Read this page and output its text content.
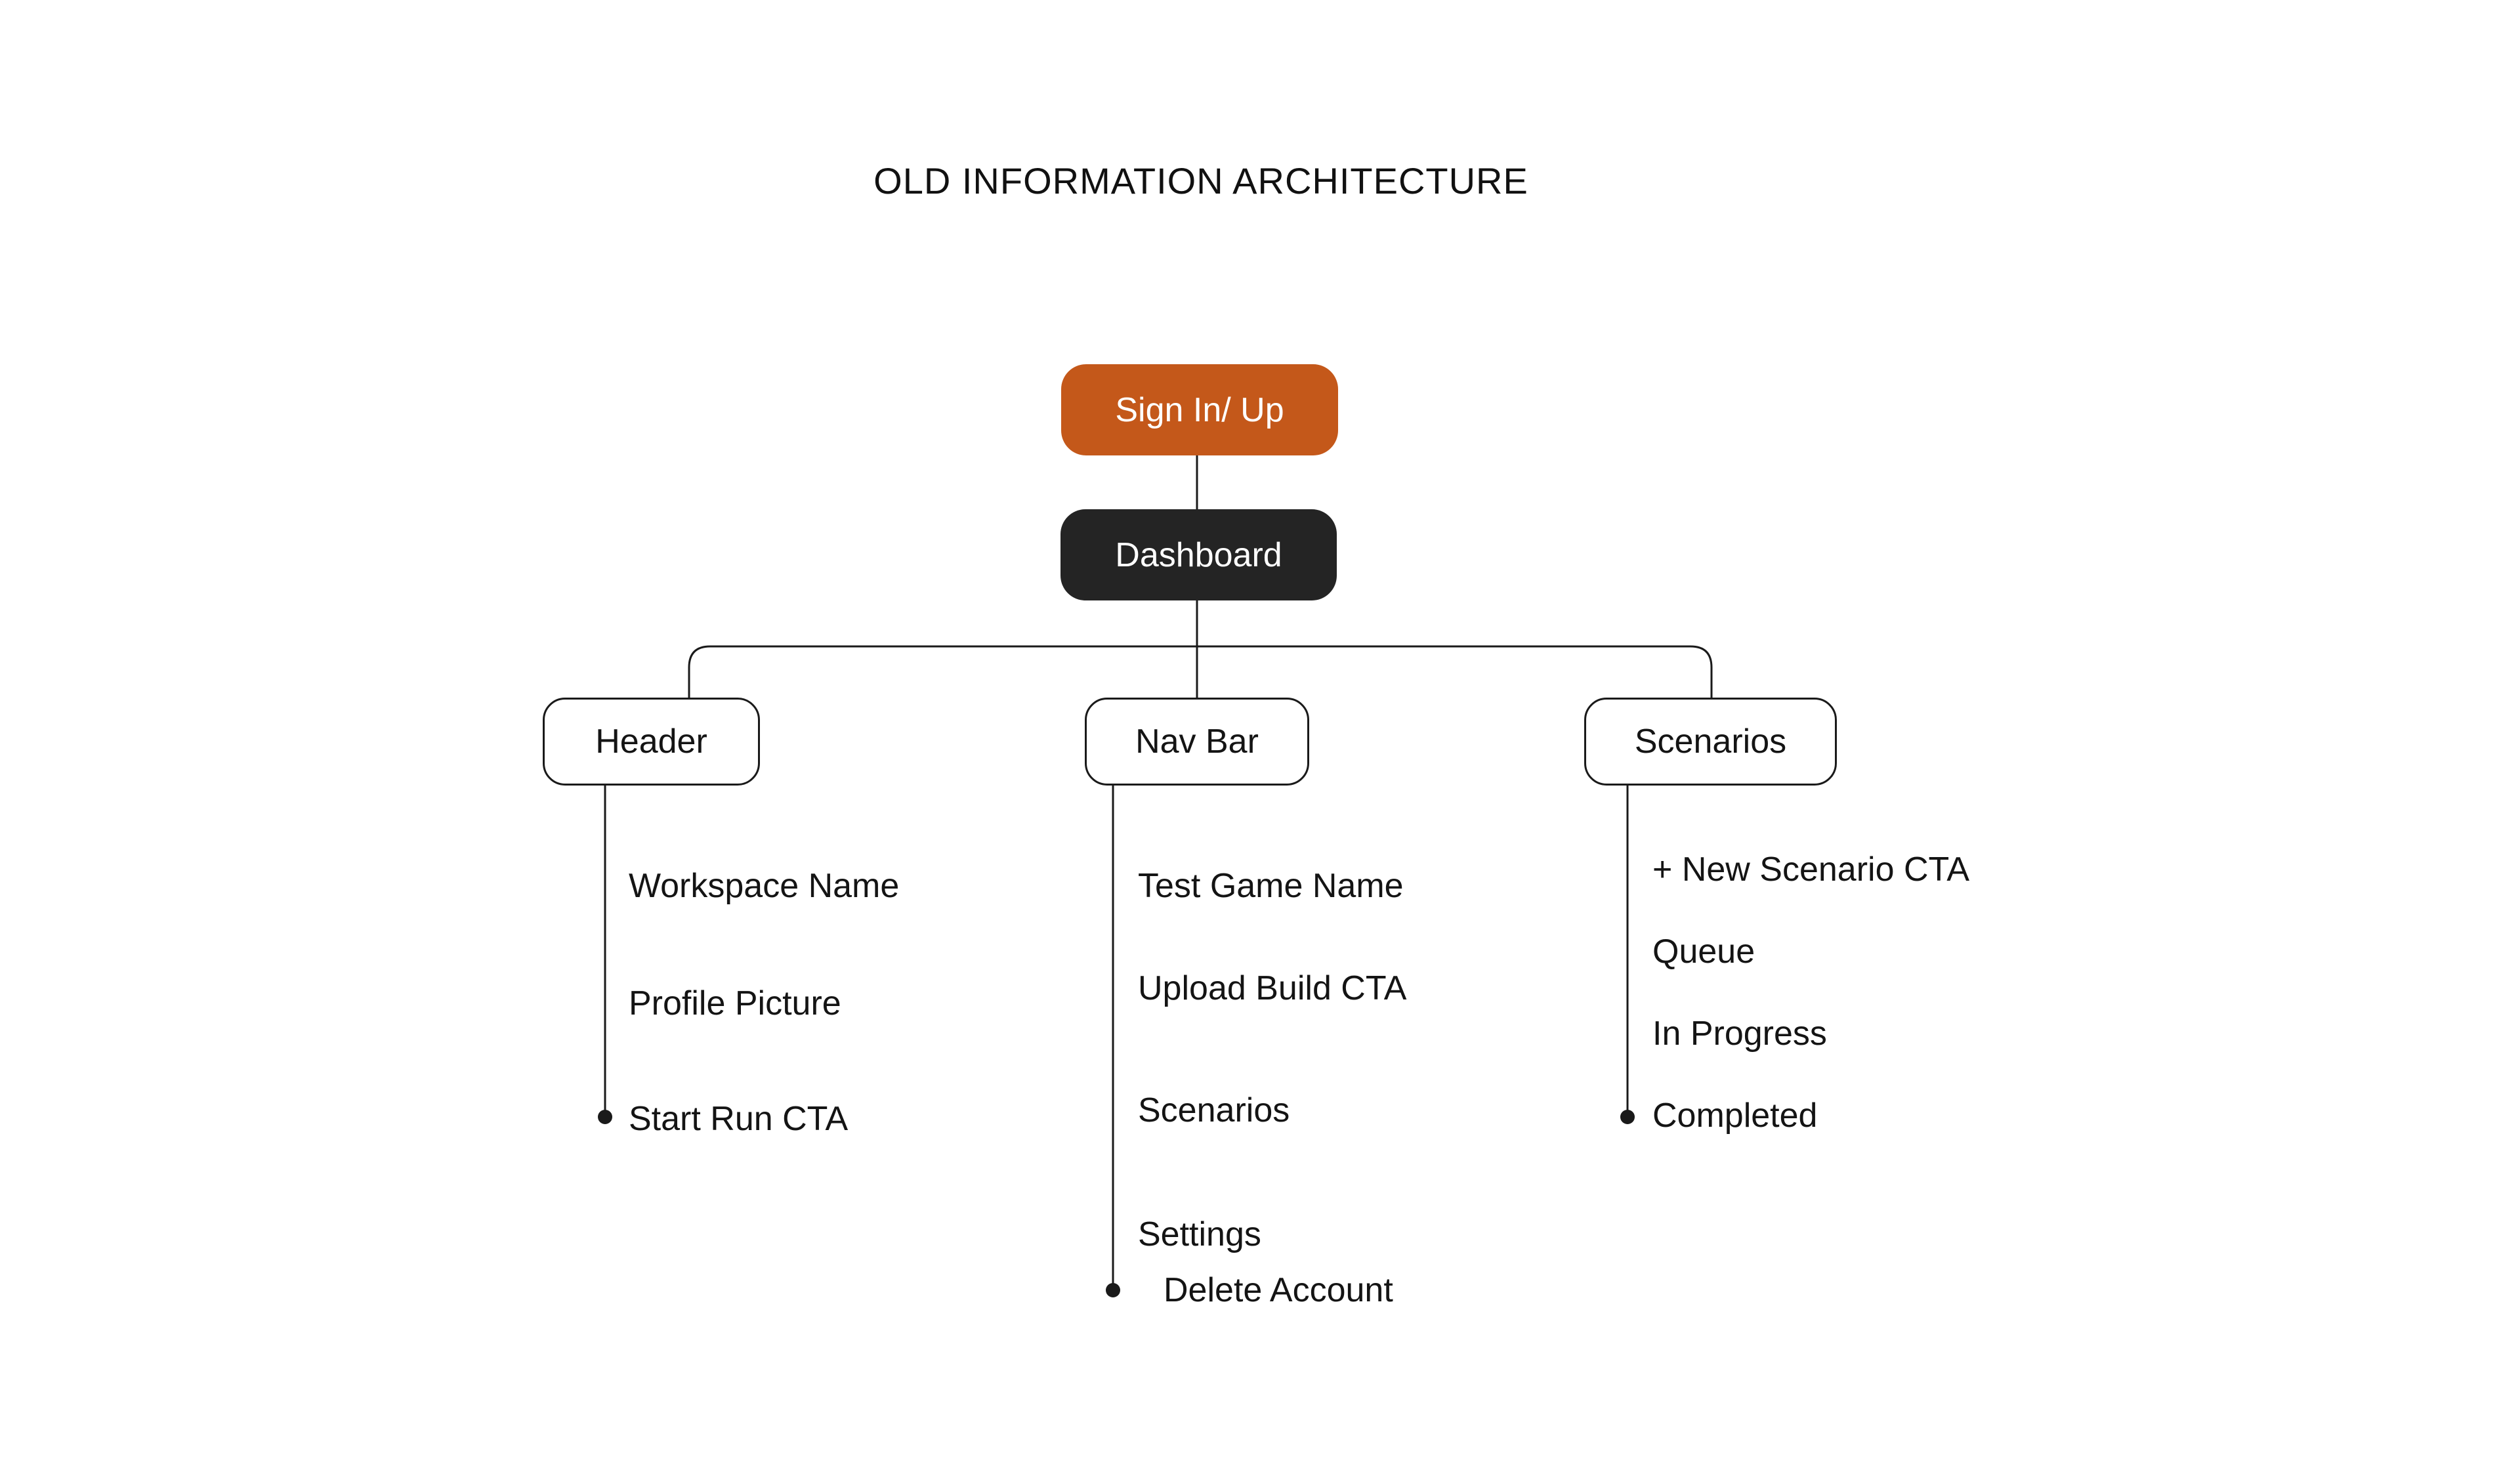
OLD INFORMATION ARCHITECTURE
Sign In/ Up
Dashboard
Header	Nav Bar	Scenarios
Workspace Name
Profile Picture
Start Run CTA
Test Game Name
Upload Build CTA
Scenarios
Settings
Delete Account
+ New Scenario CTA
Queue
In Progress
Completed
